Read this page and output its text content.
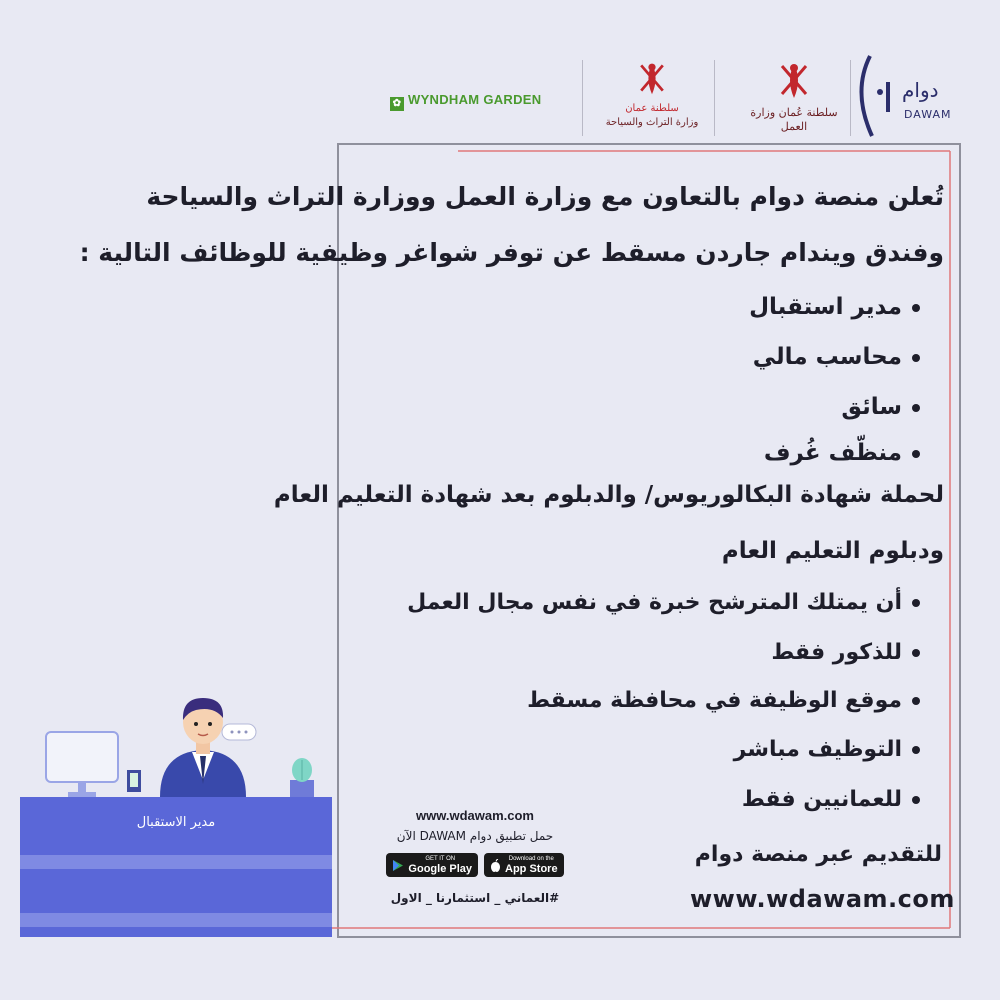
دوام
DAWAM
سلطنة عُمان وزارة العمل
سلطنة عمان
وزارة التراث والسياحة
✿ WYNDHAM GARDEN
تُعلن منصة دوام بالتعاون مع وزارة العمل ووزارة التراث والسياحة
وفندق ويندام جاردن مسقط عن توفر شواغر وظيفية للوظائف التالية :
مدير استقبال
محاسب مالي
سائق
منظّف غُرف
لحملة شهادة البكالوريوس/ والدبلوم بعد شهادة التعليم العام
ودبلوم التعليم العام
أن يمتلك المترشح خبرة في نفس مجال العمل
للذكور فقط
موقع الوظيفة في محافظة مسقط
التوظيف مباشر
للعمانيين فقط
للتقديم عبر منصة دوام
www.wdawam.com
www.wdawam.com
حمل تطبيق دوام DAWAM الآن
GET IT ON
Google Play
Download on the
App Store
#العماني _ استثمارنا _ الاول
مدير الاستقبال
